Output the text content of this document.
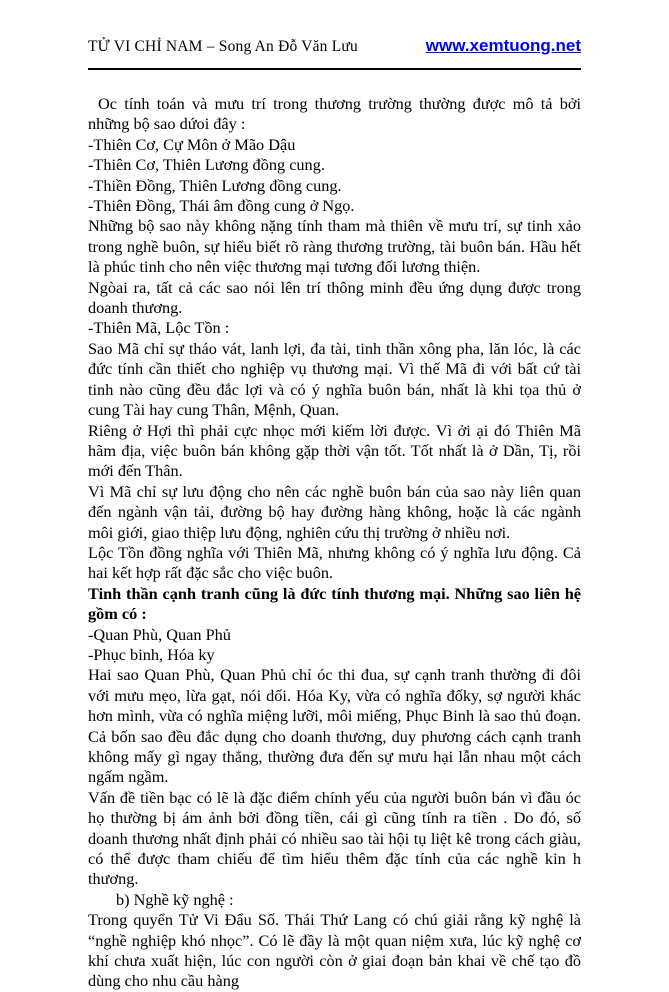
TỬ VI CHỈ NAM – Song An Đỗ Văn Lưu	www.xemtuong.net

Oc tính toán và mưu trí trong thương trường thường được mô tả bởi những bộ sao dứoi đây :

-Thiên Cơ, Cự Môn ở Mão Dậu

-Thiên Cơ, Thiên Lương đồng cung.

-Thiền Đồng, Thiên Lương đồng cung.

-Thiên Đồng, Thái âm đồng cung ở Ngọ.

Những bộ sao này không nặng tính tham mà thiên về mưu trí, sự tinh xảo trong nghề buôn, sự hiểu biết rõ ràng thương trường, tài buôn bán. Hầu hết là phúc tinh cho nên việc thương mại tương đối lương thiện.

Ngòai ra, tất cả các sao nói lên trí thông minh đều ứng dụng được trong doanh thương.

-Thiên Mã, Lộc Tồn :

Sao Mã chỉ sự tháo vát, lanh lợi, đa tài, tinh thần xông pha, lăn lóc, là các đức tính cần thiết cho nghiệp vụ thương mại. Vì thế Mã đi với bất cứ tài tinh nào cũng đều đắc lợi và có ý nghĩa buôn bán, nhất là khi tọa thủ ở cung Tài hay cung Thân, Mệnh, Quan.

Riêng ở Hợi thì phải cực nhọc mới kiếm lời được. Vì ởi ại đó Thiên Mã hãm địa, việc buôn bán không gặp thời vận tốt. Tốt nhất là ở Dần, Tị, rồi mới đến Thân.

Vì Mã chỉ sự lưu động cho nên các nghề buôn bán của sao này liên quan đến ngành vận tải, đường bộ hay đường hàng không, hoặc là các ngành môi giới, giao thiệp lưu động, nghiên cứu thị trường ở nhiều nơi.

Lộc Tồn đồng nghĩa với Thiên Mã, nhưng không có ý nghĩa lưu động. Cả hai kết hợp rất đặc sắc cho việc buôn.

Tinh thần cạnh tranh cũng là đức tính thương mại. Những sao liên hệ gồm có :

-Quan Phù, Quan Phủ

-Phục binh, Hóa ky

Hai sao Quan Phù, Quan Phủ chỉ óc thi đua, sự cạnh tranh thường đi đôi với mưu mẹo, lừa gạt, nói dối. Hóa Ky, vừa có nghĩa đốky, sợ người khác hơn mình, vừa có nghĩa miệng lưỡi, môi miếng, Phục Binh là sao thủ đoạn. Cả bốn sao đều đắc dụng cho doanh thương, duy phương cách cạnh tranh không mấy gì ngay thẳng, thường đưa đến sự mưu hại lẫn nhau một cách ngấm ngầm.

Vấn đề tiền bạc có lẽ là đặc điểm chính yếu của người buôn bán vì đầu óc họ thường bị ám ảnh bởi đồng tiền, cái gì cũng tính ra tiền . Do đó, số doanh thương nhất định phải có nhiều sao tài hội tụ liệt kê trong cách giàu, có thể được tham chiếu để tìm hiểu thêm đặc tính của các nghề kin h thương.

b) Nghề kỹ nghệ :

Trong quyển Tử Vi Đẩu Số. Thái Thứ Lang có chú giải rằng kỹ nghệ là “nghề nghiệp khó nhọc”. Có lẽ đầy là một quan niệm xưa, lúc kỹ nghệ cơ khí chưa xuất hiện, lúc con người còn ở giai đoạn bản khai về chế tạo đồ dùng cho nhu cầu hàng
